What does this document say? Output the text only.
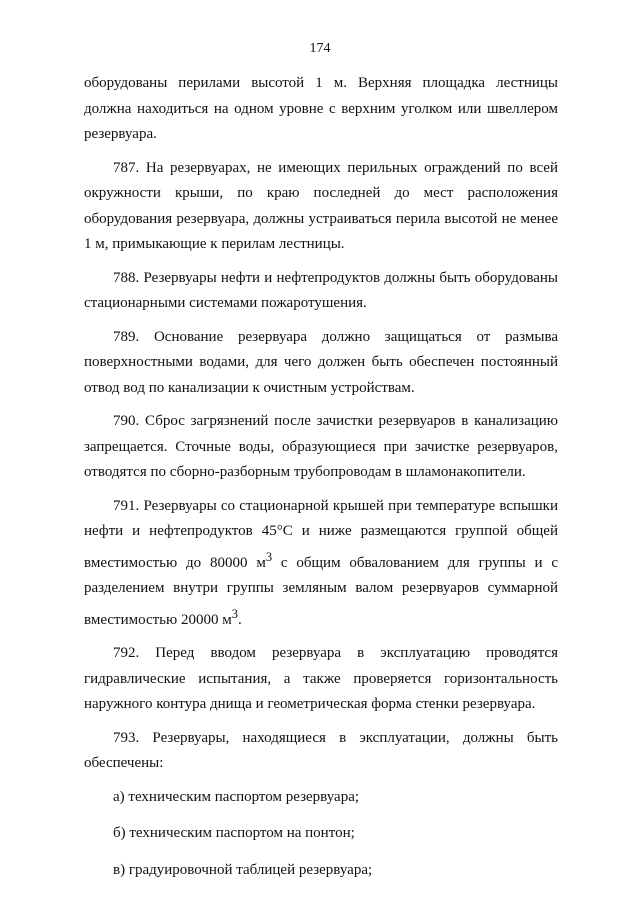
174

оборудованы перилами высотой 1 м. Верхняя площадка лестницы должна находиться на одном уровне с верхним уголком или швеллером резервуара.

787. На резервуарах, не имеющих перильных ограждений по всей окружности крыши, по краю последней до мест расположения оборудования резервуара, должны устраиваться перила высотой не менее 1 м, примыкающие к перилам лестницы.

788. Резервуары нефти и нефтепродуктов должны быть оборудованы стационарными системами пожаротушения.

789. Основание резервуара должно защищаться от размыва поверхностными водами, для чего должен быть обеспечен постоянный отвод вод по канализации к очистным устройствам.

790. Сброс загрязнений после зачистки резервуаров в канализацию запрещается. Сточные воды, образующиеся при зачистке резервуаров, отводятся по сборно-разборным трубопроводам в шламонакопители.

791. Резервуары со стационарной крышей при температуре вспышки нефти и нефтепродуктов 45°С и ниже размещаются группой общей вместимостью до 80000 $м^3$ с общим обвалованием для группы и с разделением внутри группы земляным валом резервуаров суммарной вместимостью 20000 $м^3$.

792. Перед вводом резервуара в эксплуатацию проводятся гидравлические испытания, а также проверяется горизонтальность наружного контура днища и геометрическая форма стенки резервуара.

793. Резервуары, находящиеся в эксплуатации, должны быть обеспечены:

а) техническим паспортом резервуара;
б) техническим паспортом на понтон;
в) градуировочной таблицей резервуара;
